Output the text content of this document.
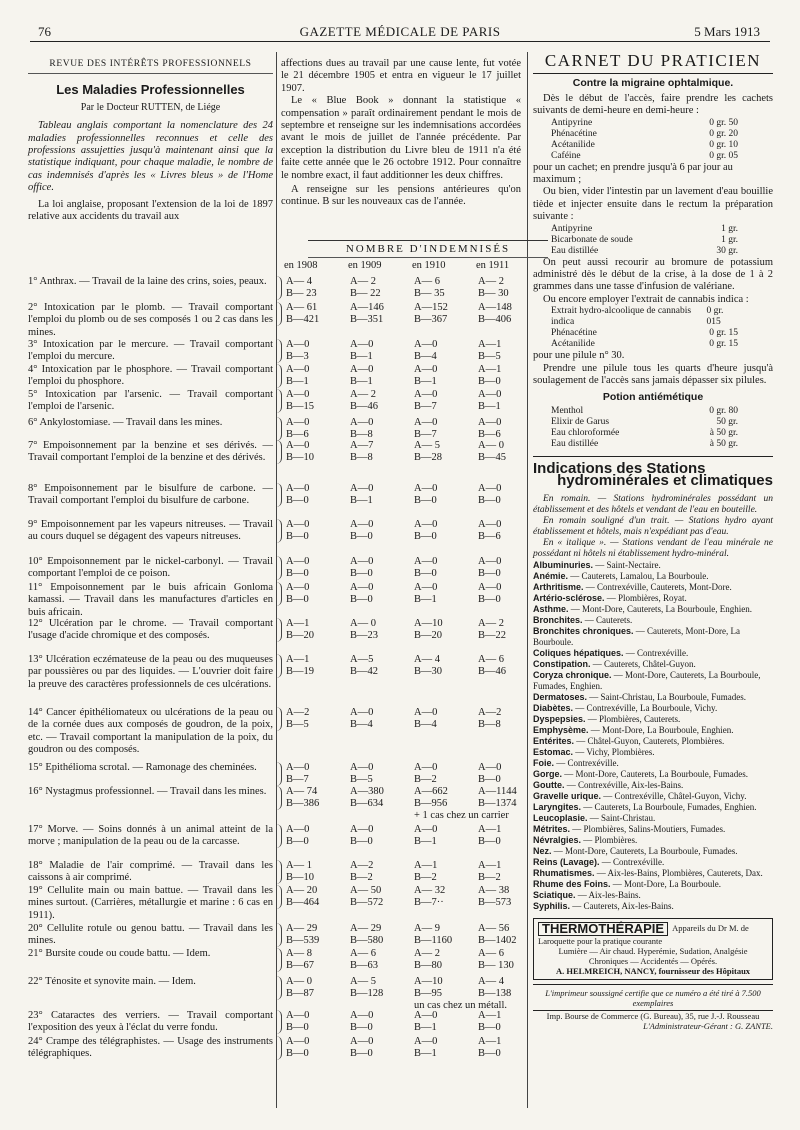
76	GAZETTE MÉDICALE DE PARIS	5 Mars 1913
REVUE DES INTÉRÊTS PROFESSIONNELS
Les Maladies Professionnelles
Par le Docteur RUTTEN, de Liége
Tableau anglais comportant la nomenclature des 24 maladies professionnelles reconnues et celle des professions assujetties jusqu'à maintenant ainsi que la statistique indiquant, pour chaque maladie, le nombre de cas indemnisés d'après les « Livres bleus » de l'Home office.
La loi anglaise, proposant l'extension de la loi de 1897 relative aux accidents du travail aux
affections dues au travail par une cause lente, fut votée le 21 décembre 1905 et entra en vigueur le 17 juillet 1907.
Le « Blue Book » donnant la statistique « compensation » paraît ordinairement pendant le mois de septembre et renseigne sur les indemnisations accordées avant le mois de juillet de l'année précédente. Par exception la distribution du Livre bleu de 1911 n'a été faite cette année que le 26 octobre 1912. Pour connaître le nombre exact, il faut additionner les deux chiffres.
A renseigne sur les pensions antérieures qu'on continue. B sur les nouveaux cas de l'année.
NOMBRE D'INDEMNISÉS
en 1908	en 1909	en 1910	en 1911
1° Anthrax. — Travail de la laine des crins, soies, peaux.	A— 4	A— 2	A— 6	A— 2
B— 23	B— 22	B— 35	B— 30
2° Intoxication par le plomb. — Travail comportant l'emploi du plomb ou de ses composés 1 ou 2 cas dans les mines.
A— 61	A—146	A—152	A—148
B—421	B—351	B—367	B—406
3° Intoxication par le mercure. — Travail comportant l'emploi du mercure.
A—0	A—0	A—0	A—1
B—3	B—1	B—4	B—5
4° Intoxication par le phosphore. — Travail comportant l'emploi du phosphore.
A—0	A—0	A—0	A—1
B—1	B—1	B—1	B—0
5° Intoxication par l'arsenic. — Travail comportant l'emploi de l'arsenic.
A—0	A— 2	A—0	A—0
B—15	B—46	B—7	B—1
6° Ankylostomiase. — Travail dans les mines.	A—0	A—0	A—0	A—0
B—6	B—8	B—7	B—6
7° Empoisonnement par la benzine et ses dérivés. — Travail comportant l'emploi de la benzine et des dérivés.
A—0	A—7	A— 5	A— 0
B—10	B—8	B—28	B—45
8° Empoisonnement par le bisulfure de carbone. — Travail comportant l'emploi du bisulfure de carbone.
A—0	A—0	A—0	A—0
B—0	B—1	B—0	B—0
9° Empoisonnement par les vapeurs nitreuses. — Travail au cours duquel se dégagent des vapeurs nitreuses.
A—0	A—0	A—0	A—0
B—0	B—0	B—0	B—6
10° Empoisonnement par le nickel-carbonyl. — Travail comportant l'emploi de ce poison.
A—0	A—0	A—0	A—0
B—0	B—0	B—0	B—0
11° Empoisonnement par le buis africain Gonloma kamassi. — Travail dans les manufactures d'articles en buis africain.
A—0	A—0	A—0	A—0
B—0	B—0	B—1	B—0
12° Ulcération par le chrome. — Travail comportant l'usage d'acide chromique et des composés.
A—1	A— 0	A—10	A— 2
B—20	B—23	B—20	B—22
13° Ulcération eczémateuse de la peau ou des muqueuses par poussières ou par des liquides. — L'ouvrier doit faire la preuve des caractères professionnels de ces ulcérations.
A—1	A—5	A— 4	A— 6
B—19	B—42	B—30	B—46
14° Cancer épithéliomateux ou ulcérations de la peau ou de la cornée dues aux composés de goudron, de la poix, etc. — Travail comportant la manipulation de la poix, du goudron ou des composés.
A—2	A—0	A—0	A—2
B—5	B—4	B—4	B—8
15° Epithélioma scrotal. — Ramonage des cheminées.	A—0	A—0	A—0	A—0
B—7	B—5	B—2	B—0
16° Nystagmus professionnel. — Travail dans les mines.	A— 74	A—380	A—662	A—1144
B—386	B—634	B—956	B—1374
+ 1 cas chez un carrier
17° Morve. — Soins donnés à un animal atteint de la morve ; manipulation de la peau ou de la carcasse.
A—0	A—0	A—0	A—1
B—0	B—0	B—1	B—0
18° Maladie de l'air comprimé. — Travail dans les caissons à air comprimé.
A— 1	A—2	A—1	A—1
B—10	B—2	B—2	B—2
19° Cellulite main ou main battue. — Travail dans les mines surtout. (Carrières, métallurgie et marine : 6 cas en 1911).
A— 20	A— 50	A— 32	A— 38
B—464	B—572	B—7··	B—573
20° Cellulite rotule ou genou battu. — Travail dans les mines.
A— 29	A— 29	A— 9	A— 56
B—539	B—580	B—1160 B—1402
21° Bursite coude ou coude battu. — Idem.	A— 8	A— 6	A— 2	A— 6
B—67	B—63	B—80	B— 130
22° Ténosite et synovite main. — Idem.	A— 0	A— 5	A—10	A— 4
B—87	B—128	B—95	B—138
un cas chez un métall.
23° Cataractes des verriers. — Travail comportant l'exposition des yeux à l'éclat du verre fondu.
A—0	A—0	A—0	A—1
B—0	B—0	B—1	B—0
24° Crampe des télégraphistes. — Usage des instruments télégraphiques.
A—0	A—0	A—0	A—1
B—0	B—0	B—1	B—0
CARNET DU PRATICIEN
Contre la migraine ophtalmique.
Dès le début de l'accès, faire prendre les cachets suivants de demi-heure en demi-heure :
Antipyrine	0 gr. 50
Phénacétine	0 gr. 20
Acétanilide	0 gr. 10
Caféine	0 gr. 05
pour un cachet; en prendre jusqu'à 6 par jour au maximum ;
Ou bien, vider l'intestin par un lavement d'eau bouillie tiède et injecter ensuite dans le rectum la préparation suivante :
Antipyrine	1 gr.
Bicarbonate de soude	1 gr.
Eau distillée	30 gr.
On peut aussi recourir au bromure de potassium administré dès le début de la crise, à la dose de 1 à 2 grammes dans une tasse d'infusion de valériane.
Ou encore employer l'extrait de cannabis indica :
Extrait hydro-alcoolique de cannabis indica
0 gr. 015
Phénacétine	0 gr. 15
Acétanilide	0 gr. 15
pour une pilule n° 30.
Prendre une pilule tous les quarts d'heure jusqu'à soulagement de l'accès sans jamais dépasser six pilules.
Potion antiémétique
Menthol	0 gr. 80
Elixir de Garus	50 gr.
Eau chloroformée	à 50 gr.
Eau distillée	à 50 gr.
Indications des Stations
hydrominérales et climatiques
En romain. — Stations hydrominérales possédant un établissement et des hôtels et vendant de l'eau en bouteille.
En romain souligné d'un trait. — Stations hydro ayant établissement et hôtels, mais n'expédiant pas d'eau.
En « italique ». — Stations vendant de l'eau minérale ne possédant ni hôtels ni établissement hydro-minéral.
Albuminuries. — Saint-Nectaire.
Anémie. — Cauterets, Lamalou, La Bourboule.
Arthritisme. — Contrexéville, Cauterets, Mont-Dore.
Artério-sclérose. — Plombières, Royat.
Asthme. — Mont-Dore, Cauterets, La Bourboule, Enghien.
Bronchites. — Cauterets.
Bronchites chroniques. — Cauterets, Mont-Dore, La Bourboule.
Coliques hépatiques. — Contrexéville.
Constipation. — Cauterets, Châtel-Guyon.
Coryza chronique. — Mont-Dore, Cauterets, La Bourboule, Fumades, Enghien.
Dermatoses. — Saint-Christau, La Bourboule, Fumades.
Diabètes. — Contrexéville, La Bourboule, Vichy.
Dyspepsies. — Plombières, Cauterets.
Emphysème. — Mont-Dore, La Bourboule, Enghien.
Entérites. — Châtel-Guyon, Cauterets, Plombières.
Estomac. — Vichy, Plombières.
Foie. — Contrexéville.
Gorge. — Mont-Dore, Cauterets, La Bourboule, Fumades.
Goutte. — Contrexéville, Aix-les-Bains.
Gravelle urique. — Contrexéville, Châtel-Guyon, Vichy.
Laryngites. — Cauterets, La Bourboule, Fumades, Enghien.
Leucoplasie. — Saint-Christau.
Métrites. — Plombières, Salins-Moutiers, Fumades.
Névralgies. — Plombières.
Nez. — Mont-Dore, Cauterets, La Bourboule, Fumades.
Reins (Lavage). — Contrexéville.
Rhumatismes. — Aix-les-Bains, Plombières, Cauterets, Dax.
Rhume des Foins. — Mont-Dore, La Bourboule.
Sciatique. — Aix-les-Bains.
Syphilis. — Cauterets, Aix-les-Bains.
THERMOTHÉRAPIE Appareils du Dr M. de Laroquette pour la pratique courante
Lumière — Air chaud. Hyperémie, Sudation, Analgésie Chroniques — Accidentés — Opérés.
A. HELMREICH, NANCY, fournisseur des Hôpitaux
L'imprimeur soussigné certifie que ce numéro a été tiré à 7.500 exemplaires
Imp. Bourse de Commerce (G. Bureau), 35, rue J.-J. Rousseau
L'Administrateur-Gérant : G. ZANTE.
